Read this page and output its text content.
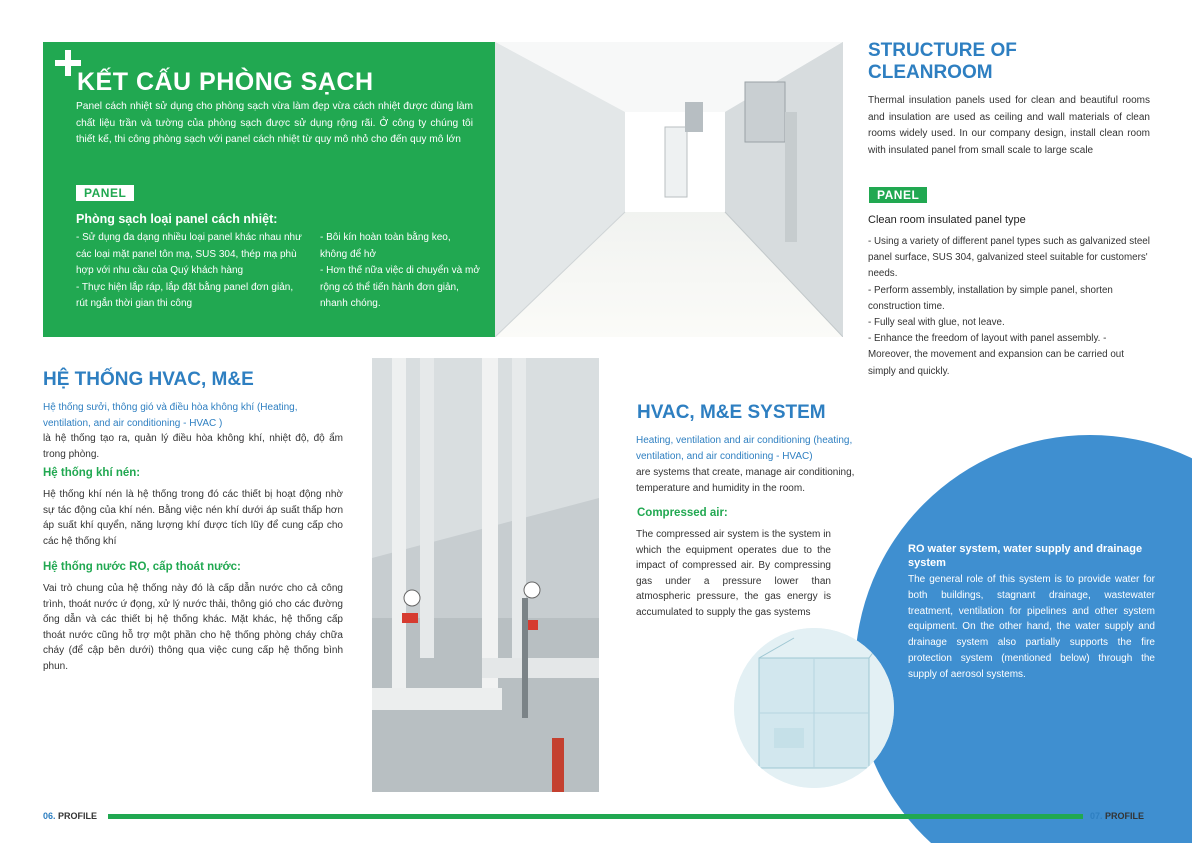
KẾT CẤU PHÒNG SẠCH

Panel cách nhiệt sử dụng cho phòng sạch vừa làm đẹp vừa cách nhiệt được dùng làm chất liệu trần và tường của phòng sạch được sử dụng rộng rãi. Ở công ty chúng tôi thiết kế, thi công phòng sạch với panel cách nhiệt từ quy mô nhỏ cho đến quy mô lớn

PANEL
Phòng sạch loại panel cách nhiệt:

- Sử dụng đa dạng nhiều loại panel khác nhau như các loại mặt panel tôn mạ, SUS 304, thép mạ phù hợp với nhu cầu của Quý khách hàng

- Thực hiện lắp ráp, lắp đặt bằng panel đơn giản, rút ngắn thời gian thi công

- Bôi kín hoàn toàn bằng keo, không để hở

- Hơn thế nữa việc di chuyển và mở rộng có thể tiến hành đơn giản, nhanh chóng.

STRUCTURE OF
CLEANROOM

Thermal insulation panels used for clean and beautiful rooms and insulation are used as ceiling and wall materials of clean rooms widely used. In our company design, install clean room with insulated panel from small scale to large scale

PANEL

Clean room insulated panel type

- Using a variety of different panel types such as galvanized steel panel surface, SUS 304, galvanized steel suitable for customers' needs.

- Perform assembly, installation by simple panel, shorten construction time.

- Fully seal with glue, not leave.

- Enhance the freedom of layout with panel assembly. - Moreover, the movement and expansion can be carried out simply and quickly.

HỆ THỐNG HVAC, M&E

Hệ thống sưởi, thông gió và điều hòa không khí (Heating, ventilation, and air conditioning - HVAC )

là hệ thống tạo ra, quản lý điều hòa không khí, nhiệt độ, độ ẩm trong phòng.

Hệ thống khí nén:

Hệ thống khí nén là hệ thống trong đó các thiết bị hoạt động nhờ sự tác động của khí nén. Bằng việc nén khí dưới áp suất thấp hơn áp suất khí quyển, năng lượng khí được tích lũy để cung cấp cho các hệ thống khí

Hệ thống nước RO, cấp thoát nước:

Vai trò chung của hệ thống này đó là cấp dẫn nước cho cả công trình, thoát nước ứ đọng, xử lý nước thải, thông gió cho các đường ống dẫn và các thiết bị hệ thống khác. Mặt khác, hệ thống cấp thoát nước cũng hỗ trợ một phần cho hệ thống phòng cháy chữa cháy (để cập bên dưới) thông qua việc cung cấp hệ thống bình phun.

HVAC, M&E SYSTEM

Heating, ventilation and air conditioning (heating, ventilation, and air conditioning - HVAC)

are systems that create, manage air conditioning, temperature and humidity in the room.

Compressed air:

The compressed air system is the system in which the equipment operates due to the impact of compressed air. By compressing gas under a pressure lower than atmospheric pressure, the gas energy is accumulated to supply the gas systems

RO water system, water supply and drainage system

The general role of this system is to provide water for both buildings, stagnant drainage, wastewater treatment, ventilation for pipelines and other system equipment. On the other hand, the water supply and drainage system also partially supports the fire protection system (mentioned below) through the supply of aerosol systems.

06. PROFILE	07. PROFILE
